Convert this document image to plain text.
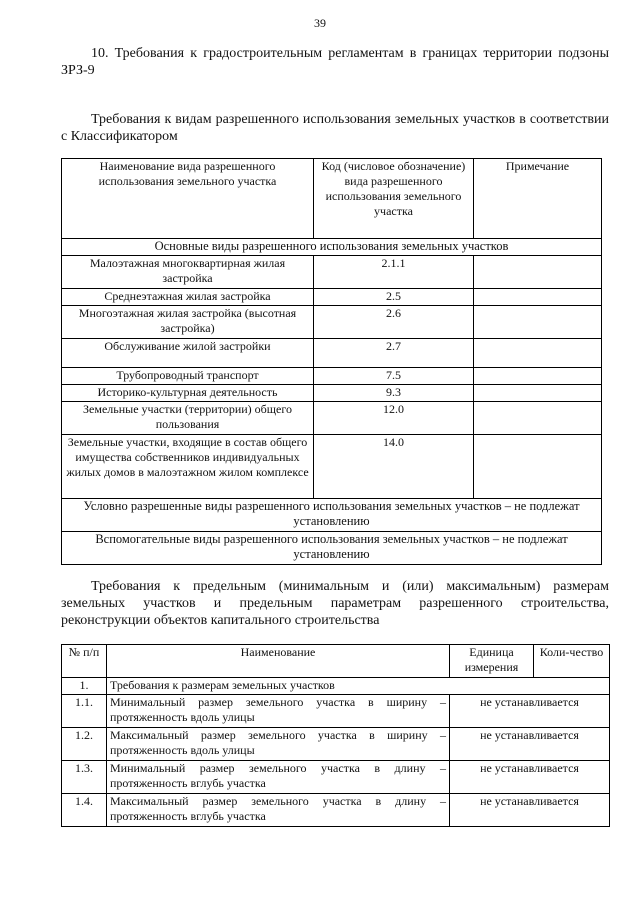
39

10. Требования к градостроительным регламентам в границах территории подзоны ЗРЗ-9

Требования к видам разрешенного использования земельных участков в соответствии с Классификатором

Наименование вида разрешенного использования земельного участка	Код (числовое обозначение) вида разрешенного использования земельного участка	Примечание
Основные виды разрешенного использования земельных участков		
Малоэтажная многоквартирная жилая застройка	2.1.1	
Среднеэтажная жилая застройка	2.5	
Многоэтажная жилая застройка (высотная застройка)	2.6	
Обслуживание жилой застройки	2.7	
Трубопроводный транспорт	7.5	
Историко-культурная деятельность	9.3	
Земельные участки (территории) общего пользования	12.0	
Земельные участки, входящие в состав общего имущества собственников индивидуальных жилых домов в малоэтажном жилом комплексе	14.0	
Условно разрешенные виды разрешенного использования земельных участков – не подлежат установлению		
Вспомогательные виды разрешенного использования земельных участков – не подлежат установлению		

Требования к предельным (минимальным и (или) максимальным) размерам земельных участков и предельным параметрам разрешенного строительства, реконструкции объектов капитального строительства

№ п/п	Наименование	Единица измерения	Коли-чество
1.	Требования к размерам земельных участков		
1.1.	Минимальный размер земельного участка в ширину – протяженность вдоль улицы	не устанавливается	
1.2.	Максимальный размер земельного участка в ширину – протяженность вдоль улицы	не устанавливается	
1.3.	Минимальный размер земельного участка в длину – протяженность вглубь участка	не устанавливается	
1.4.	Максимальный размер земельного участка в длину – протяженность вглубь участка	не устанавливается	
